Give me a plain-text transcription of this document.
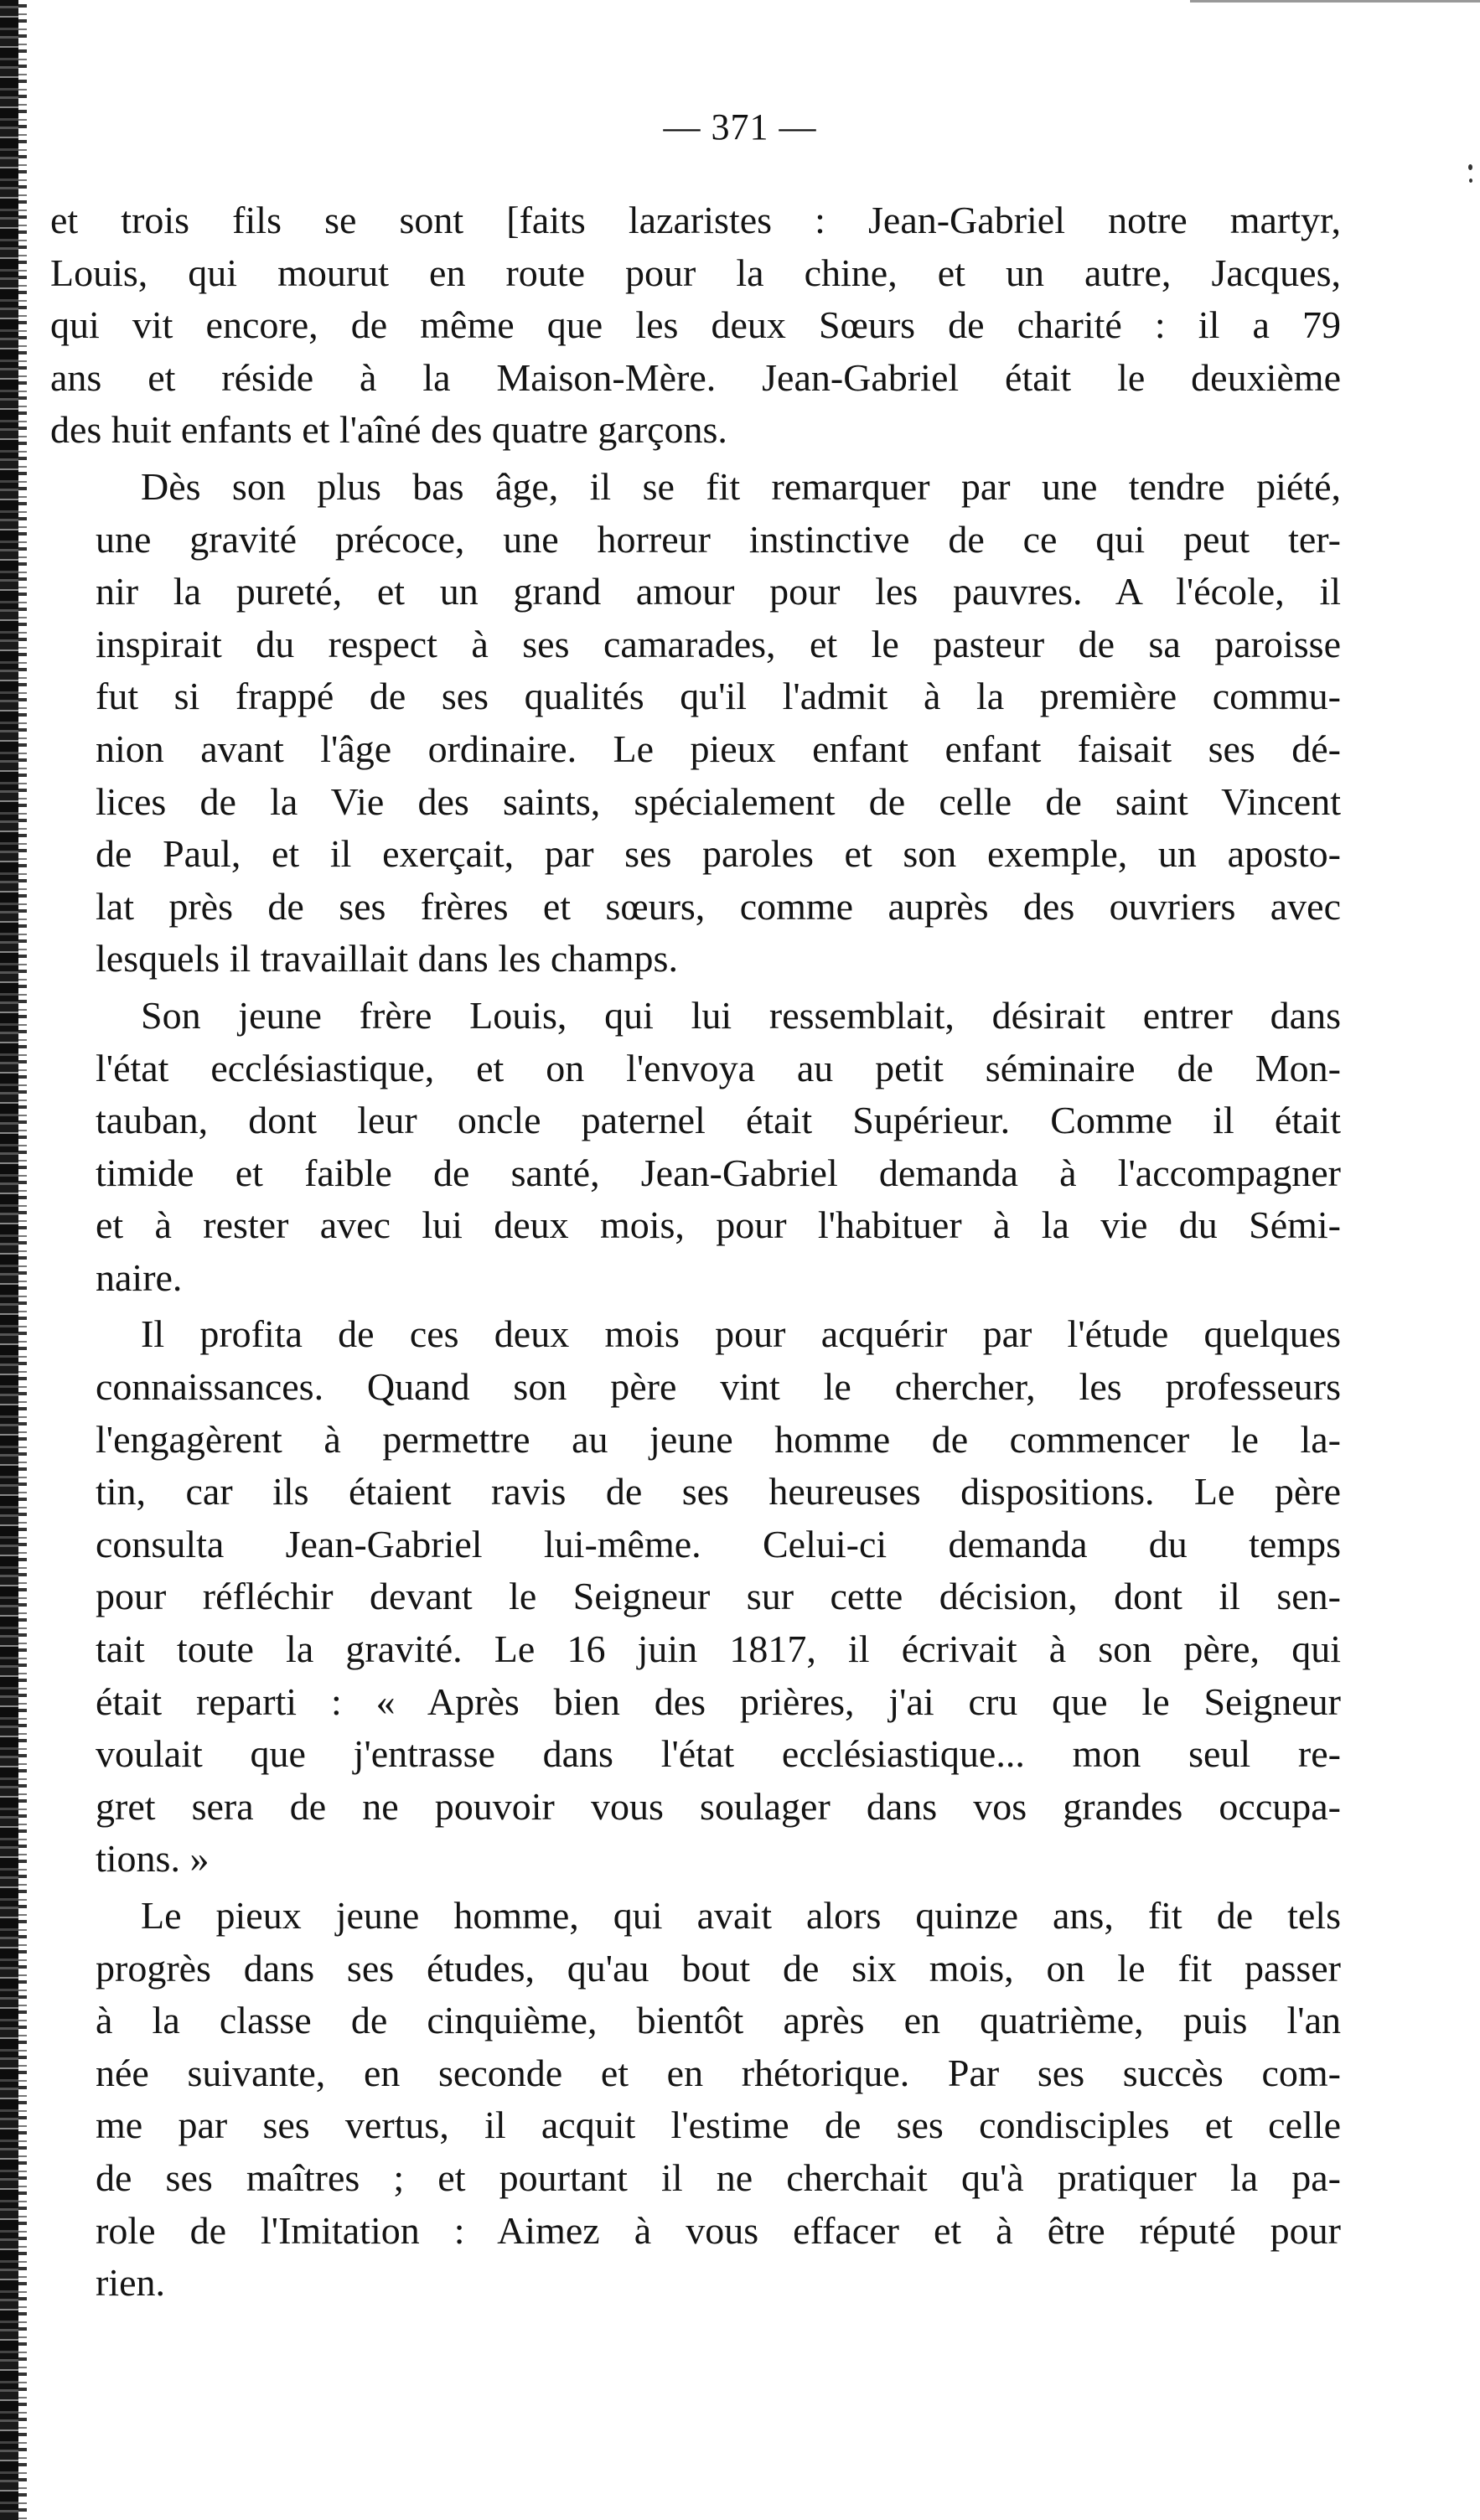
— 371 —
et trois fils se sont [faits lazaristes : Jean-Gabriel notre martyr,
Louis, qui mourut en route pour la chine, et un autre, Jacques,
qui vit encore, de même que les deux Sœurs de charité : il a 79
ans et réside à la Maison-Mère. Jean-Gabriel était le deuxième
des huit enfants et l'aîné des quatre garçons.
Dès son plus bas âge, il se fit remarquer par une tendre piété,
une gravité précoce, une horreur instinctive de ce qui peut ter-
nir la pureté, et un grand amour pour les pauvres. A l'école, il
inspirait du respect à ses camarades, et le pasteur de sa paroisse
fut si frappé de ses qualités qu'il l'admit à la première commu-
nion avant l'âge ordinaire. Le pieux enfant enfant faisait ses dé-
lices de la Vie des saints, spécialement de celle de saint Vincent
de Paul, et il exerçait, par ses paroles et son exemple, un aposto-
lat près de ses frères et sœurs, comme auprès des ouvriers avec
lesquels il travaillait dans les champs.
Son jeune frère Louis, qui lui ressemblait, désirait entrer dans
l'état ecclésiastique, et on l'envoya au petit séminaire de Mon-
tauban, dont leur oncle paternel était Supérieur. Comme il était
timide et faible de santé, Jean-Gabriel demanda à l'accompagner
et à rester avec lui deux mois, pour l'habituer à la vie du Sémi-
naire.
Il profita de ces deux mois pour acquérir par l'étude quelques
connaissances. Quand son père vint le chercher, les professeurs
l'engagèrent à permettre au jeune homme de commencer le la-
tin, car ils étaient ravis de ses heureuses dispositions. Le père
consulta Jean-Gabriel lui-même. Celui-ci demanda du temps
pour réfléchir devant le Seigneur sur cette décision, dont il sen-
tait toute la gravité. Le 16 juin 1817, il écrivait à son père, qui
était reparti : « Après bien des prières, j'ai cru que le Seigneur
voulait que j'entrasse dans l'état ecclésiastique... mon seul re-
gret sera de ne pouvoir vous soulager dans vos grandes occupa-
tions. »
Le pieux jeune homme, qui avait alors quinze ans, fit de tels
progrès dans ses études, qu'au bout de six mois, on le fit passer
à la classe de cinquième, bientôt après en quatrième, puis l'an
née suivante, en seconde et en rhétorique. Par ses succès com-
me par ses vertus, il acquit l'estime de ses condisciples et celle
de ses maîtres ; et pourtant il ne cherchait qu'à pratiquer la pa-
role de l'Imitation : Aimez à vous effacer et à être réputé pour
rien.
